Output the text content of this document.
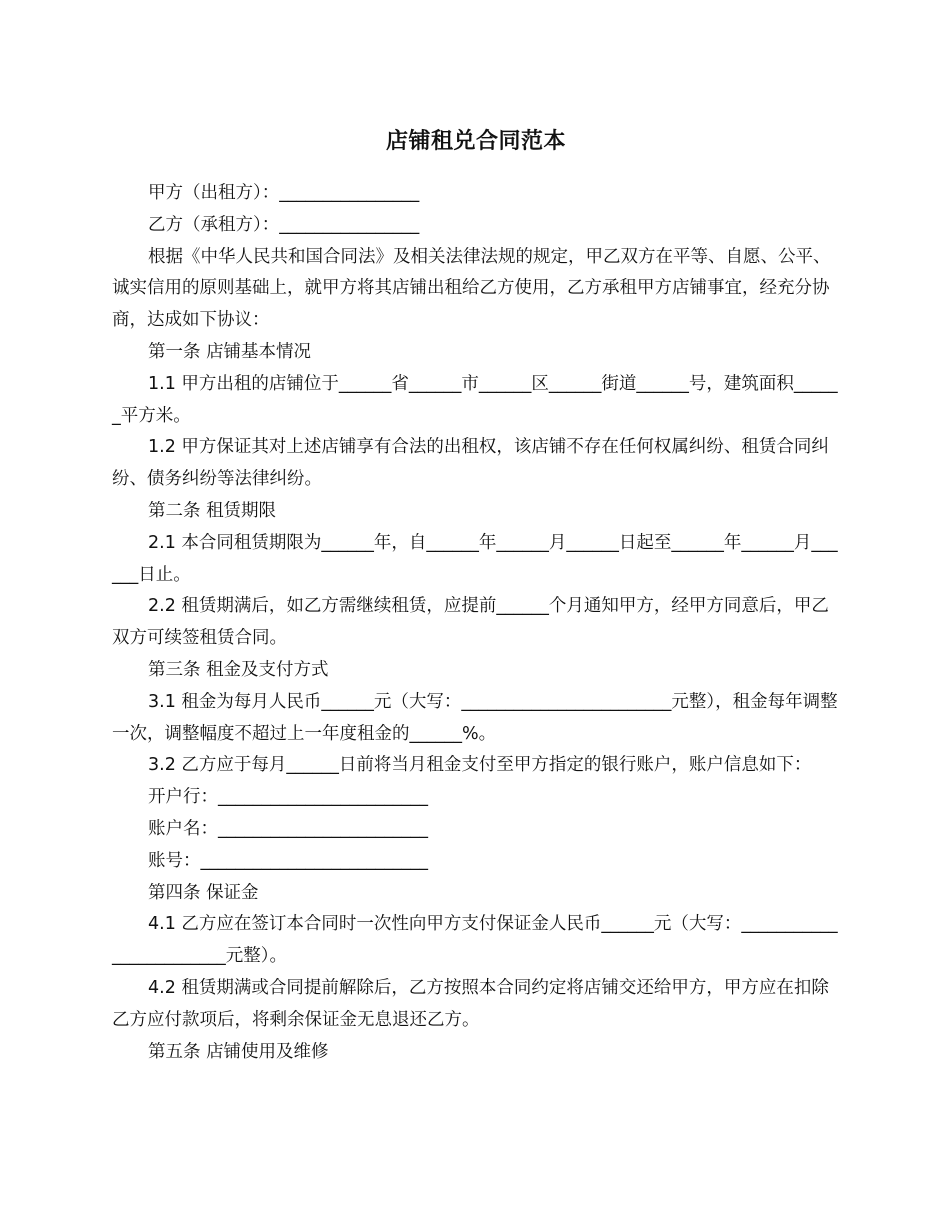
店铺租兑合同范本

甲方（出租方）：________________

乙方（承租方）：________________

根据《中华人民共和国合同法》及相关法律法规的规定，甲乙双方在平等、自愿、公平、诚实信用的原则基础上，就甲方将其店铺出租给乙方使用，乙方承租甲方店铺事宜，经充分协商，达成如下协议：

第一条 店铺基本情况

1.1 甲方出租的店铺位于______省______市______区______街道______号，建筑面积______平方米。

1.2 甲方保证其对上述店铺享有合法的出租权，该店铺不存在任何权属纠纷、租赁合同纠纷、债务纠纷等法律纠纷。

第二条 租赁期限

2.1 本合同租赁期限为______年，自______年______月______日起至______年______月______日止。

2.2 租赁期满后，如乙方需继续租赁，应提前______个月通知甲方，经甲方同意后，甲乙双方可续签租赁合同。

第三条 租金及支付方式

3.1 租金为每月人民币______元（大写：________________________元整），租金每年调整一次，调整幅度不超过上一年度租金的______%。

3.2 乙方应于每月______日前将当月租金支付至甲方指定的银行账户，账户信息如下：

开户行：________________________

账户名：________________________

账号：__________________________

第四条 保证金

4.1 乙方应在签订本合同时一次性向甲方支付保证金人民币______元（大写：________________________元整）。

4.2 租赁期满或合同提前解除后，乙方按照本合同约定将店铺交还给甲方，甲方应在扣除乙方应付款项后，将剩余保证金无息退还乙方。

第五条 店铺使用及维修
